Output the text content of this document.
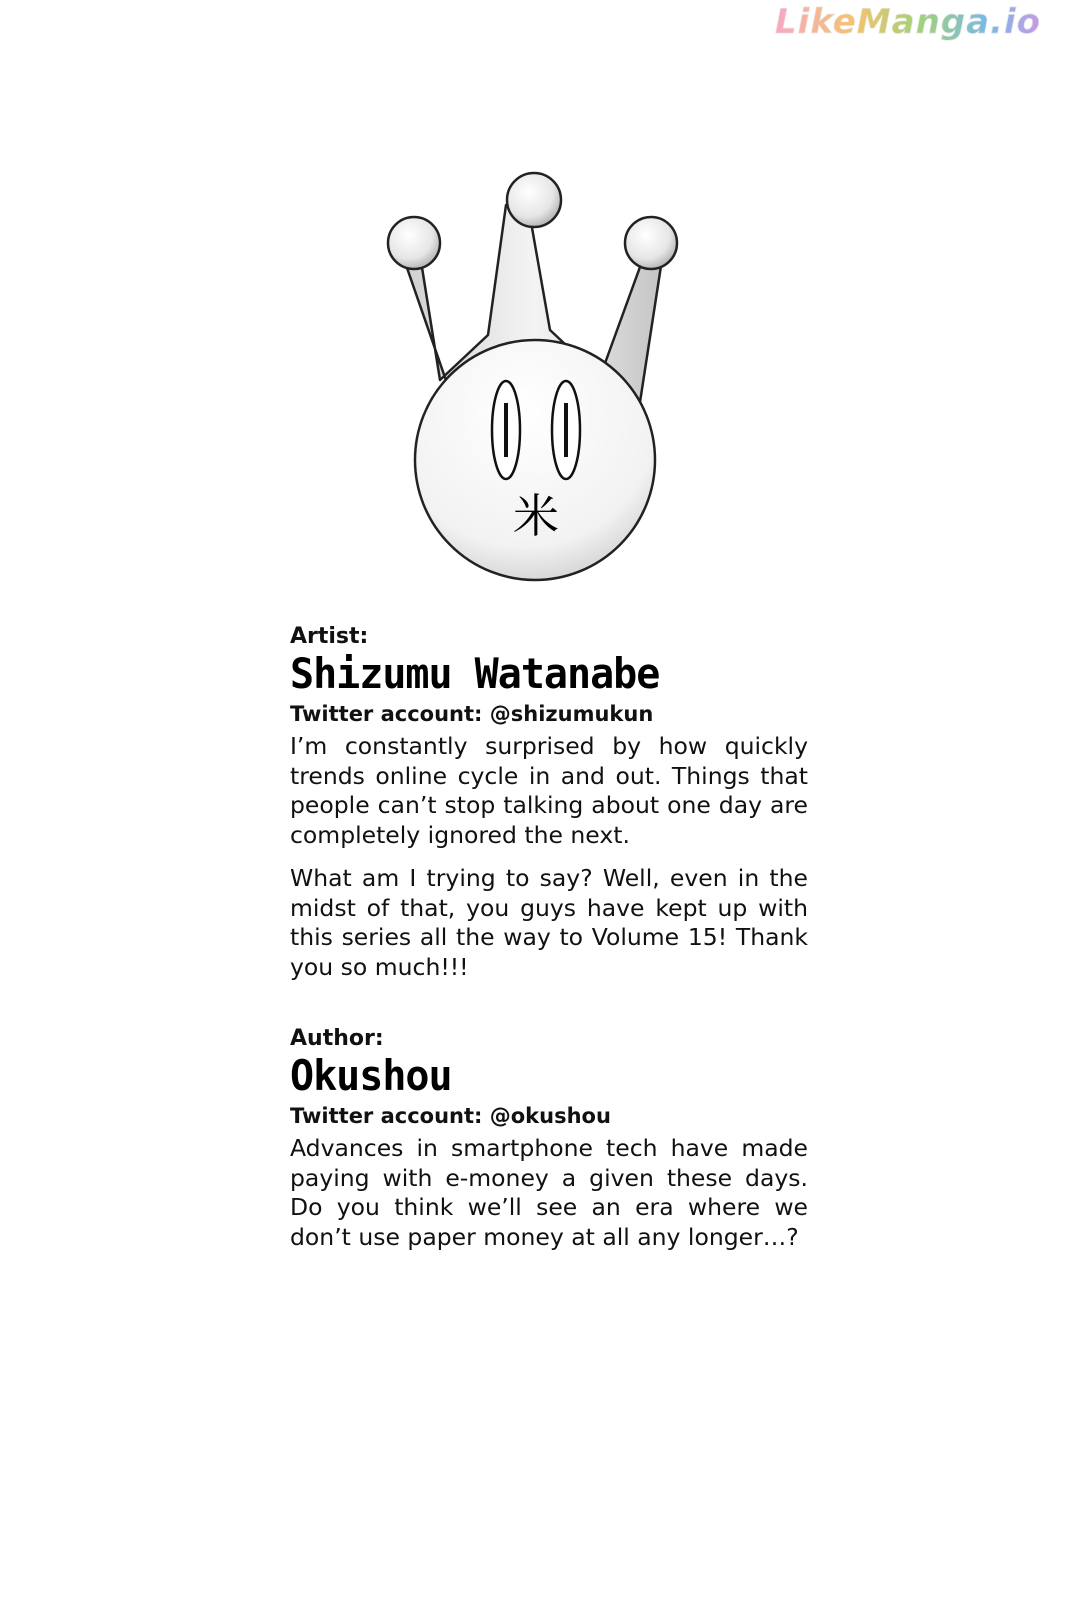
LikeManga.io
米

Artist:

Shizumu Watanabe

Twitter account: @shizumukun

I’m constantly surprised by how quickly trends online cycle in and out. Things that people can’t stop talking about one day are completely ignored the next.

What am I trying to say? Well, even in the midst of that, you guys have kept up with this series all the way to Volume 15! Thank you so much!!!

Author:

Okushou

Twitter account: @okushou

Advances in smartphone tech have made paying with e-money a given these days. Do you think we’ll see an era where we don’t use paper money at all any longer…?
